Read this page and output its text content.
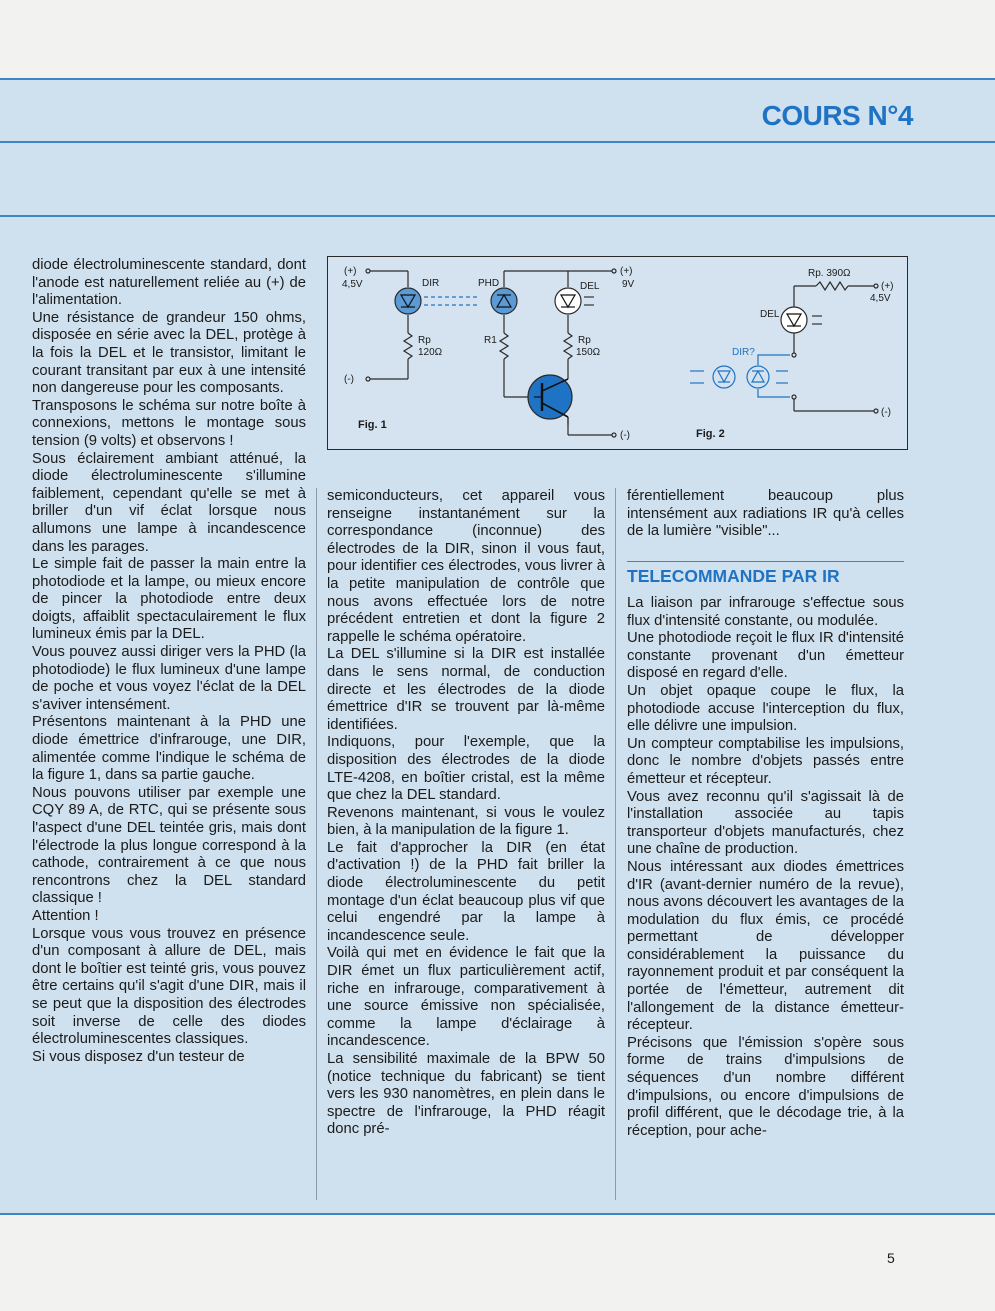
COURS N°4
(+)
4,5V
(-)
DIR	PHD	DEL
(+)
9V
Rp
120Ω
R1	Rp
150Ω
(-)
Rp. 390Ω
(+)
4,5V
DEL
DIR?
(-)
Fig. 1
Fig. 2

diode électroluminescente standard, dont l'anode est naturellement reliée au (+) de l'alimentation.

Une résistance de grandeur 150 ohms, disposée en série avec la DEL, protège à la fois la DEL et le transistor, limitant le courant transitant par eux à une intensité non dangereuse pour les composants.

Transposons le schéma sur notre boîte à connexions, mettons le montage sous tension (9 volts) et observons !

Sous éclairement ambiant atténué, la diode électroluminescente s'illumine faiblement, cependant qu'elle se met à briller d'un vif éclat lorsque nous allumons une lampe à incandescence dans les parages.

Le simple fait de passer la main entre la photodiode et la lampe, ou mieux encore de pincer la photodiode entre deux doigts, affaiblit spectaculairement le flux lumineux émis par la DEL.

Vous pouvez aussi diriger vers la PHD (la photodiode) le flux lumineux d'une lampe de poche et vous voyez l'éclat de la DEL s'aviver intensément.

Présentons maintenant à la PHD une diode émettrice d'infrarouge, une DIR, alimentée comme l'indique le schéma de la figure 1, dans sa partie gauche.

Nous pouvons utiliser par exemple une CQY 89 A, de RTC, qui se présente sous l'aspect d'une DEL teintée gris, mais dont l'électrode la plus longue correspond à la cathode, contrairement à ce que nous rencontrons chez la DEL standard classique !

Attention !

Lorsque vous vous trouvez en présence d'un composant à allure de DEL, mais dont le boîtier est teinté gris, vous pouvez être certains qu'il s'agit d'une DIR, mais il se peut que la disposition des électrodes soit inverse de celle des diodes électroluminescentes classiques.

Si vous disposez d'un testeur de

semiconducteurs, cet appareil vous renseigne instantanément sur la correspondance (inconnue) des électrodes de la DIR, sinon il vous faut, pour identifier ces électrodes, vous livrer à la petite manipulation de contrôle que nous avons effectuée lors de notre précédent entretien et dont la figure 2 rappelle le schéma opératoire.

La DEL s'illumine si la DIR est installée dans le sens normal, de conduction directe et les électrodes de la diode émettrice d'IR se trouvent par là-même identifiées.

Indiquons, pour l'exemple, que la disposition des électrodes de la diode LTE-4208, en boîtier cristal, est la même que chez la DEL standard.

Revenons maintenant, si vous le voulez bien, à la manipulation de la figure 1.

Le fait d'approcher la DIR (en état d'activation !) de la PHD fait briller la diode électroluminescente du petit montage d'un éclat beaucoup plus vif que celui engendré par la lampe à incandescence seule.

Voilà qui met en évidence le fait que la DIR émet un flux particulièrement actif, riche en infrarouge, comparativement à une source émissive non spécialisée, comme la lampe d'éclairage à incandescence.

La sensibilité maximale de la BPW 50 (notice technique du fabricant) se tient vers les 930 nanomètres, en plein dans le spectre de l'infrarouge, la PHD réagit donc pré-

férentiellement beaucoup plus intensément aux radiations IR qu'à celles de la lumière "visible"...

TELECOMMANDE PAR IR

La liaison par infrarouge s'effectue sous flux d'intensité constante, ou modulée.

Une photodiode reçoit le flux IR d'intensité constante provenant d'un émetteur disposé en regard d'elle.

Un objet opaque coupe le flux, la photodiode accuse l'interception du flux, elle délivre une impulsion.

Un compteur comptabilise les impulsions, donc le nombre d'objets passés entre émetteur et récepteur.

Vous avez reconnu qu'il s'agissait là de l'installation associée au tapis transporteur d'objets manufacturés, chez une chaîne de production.

Nous intéressant aux diodes émettrices d'IR (avant-dernier numéro de la revue), nous avons découvert les avantages de la modulation du flux émis, ce procédé permettant de développer considérablement la puissance du rayonnement produit et par conséquent la portée de l'émetteur, autrement dit l'allongement de la distance émetteur-récepteur.

Précisons que l'émission s'opère sous forme de trains d'impulsions de séquences d'un nombre différent d'impulsions, ou encore d'impulsions de profil différent, que le décodage trie, à la réception, pour ache-

5
